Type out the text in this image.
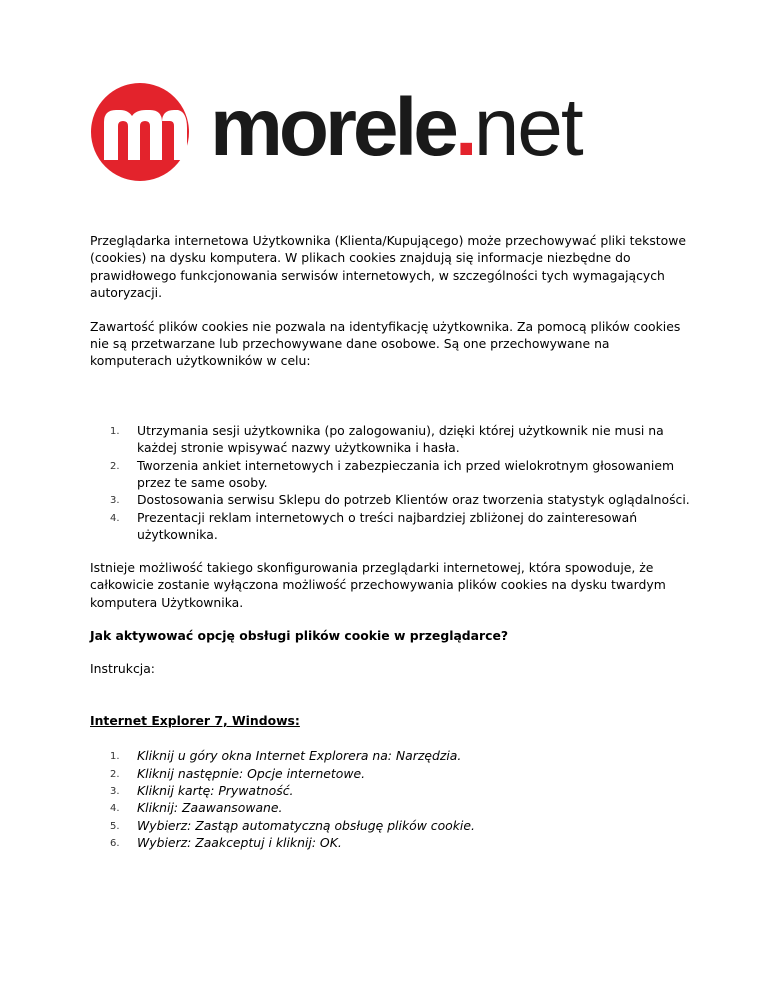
morele.net

Przeglądarka internetowa Użytkownika (Klienta/Kupującego) może przechowywać pliki tekstowe (cookies) na dysku komputera. W plikach cookies znajdują się informacje niezbędne do prawidłowego funkcjonowania serwisów internetowych, w szczególności tych wymagających autoryzacji.

Zawartość plików cookies nie pozwala na identyfikację użytkownika. Za pomocą plików cookies nie są przetwarzane lub przechowywane dane osobowe. Są one przechowywane na komputerach użytkowników w celu:

1. Utrzymania sesji użytkownika (po zalogowaniu), dzięki której użytkownik nie musi na każdej stronie wpisywać nazwy użytkownika i hasła.
2. Tworzenia ankiet internetowych i zabezpieczania ich przed wielokrotnym głosowaniem przez te same osoby.
3. Dostosowania serwisu Sklepu do potrzeb Klientów oraz tworzenia statystyk oglądalności.
4. Prezentacji reklam internetowych o treści najbardziej zbliżonej do zainteresowań użytkownika.

Istnieje możliwość takiego skonfigurowania przeglądarki internetowej, która spowoduje, że całkowicie zostanie wyłączona możliwość przechowywania plików cookies na dysku twardym komputera Użytkownika.

Jak aktywować opcję obsługi plików cookie w przeglądarce?

Instrukcja:

Internet Explorer 7, Windows:

1. Kliknij u góry okna Internet Explorera na: Narzędzia.
2. Kliknij następnie: Opcje internetowe.
3. Kliknij kartę: Prywatność.
4. Kliknij: Zaawansowane.
5. Wybierz: Zastąp automatyczną obsługę plików cookie.
6. Wybierz: Zaakceptuj i kliknij: OK.
